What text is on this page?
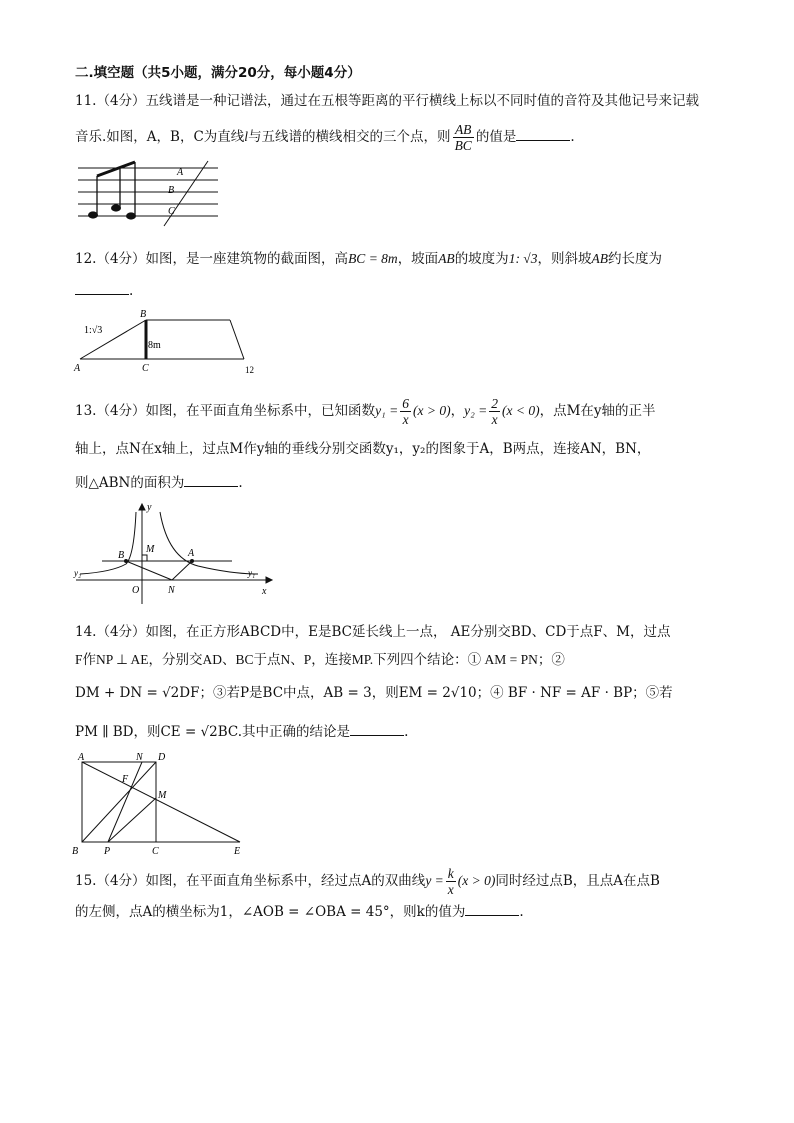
二.填空题（共5小题，满分20分，每小题4分）
11.（4分）五线谱是一种记谱法，通过在五根等距离的平行横线上标以不同时值的音符及其他记号来记载
音乐.如图，A，B，C为直线l与五线谱的横线相交的三个点，则 $\frac{AB}{BC}$ 的值是	.
A
B
C
12.（4分）如图，是一座建筑物的截面图，高BC = 8m，坡面AB的坡度为1: √3，则斜坡AB约长度为
.
1:√3
8m
A
B
C	12
13.（4分）如图，在平面直角坐标系中，已知函数$y_1 = \frac{6}{x} (x > 0)$，$y_2 = \frac{2}{x} (x < 0)$，点M在y轴的正半
轴上，点N在x轴上，过点M作y轴的垂线分别交函数y₁，y₂的图象于A，B两点，连接AN，BN，
则△ABN的面积为	.
y
B
M	A
y₂	y₁
O	N	x
14.（4分）如图，在正方形ABCD中，E是BC延长线上一点， AE分别交BD、CD于点F、M，过点
F作NP ⊥ AE，分别交AD、BC于点N、P，连接MP.下列四个结论：① AM = PN；②
DM + DN = √2DF；③若P是BC中点，AB = 3，则EM = 2√10；④ BF · NF = AF · BP；⑤若
PM ∥ BD，则CE = √2BC.其中正确的结论是	.
A	N D
F
M
B	P	C	E
15.（4分）如图，在平面直角坐标系中，经过点A的双曲线$y = \frac{k}{x} (x > 0)$同时经过点B，且点A在点B
的左侧，点A的横坐标为1，∠AOB = ∠OBA = 45°，则k的值为	.
